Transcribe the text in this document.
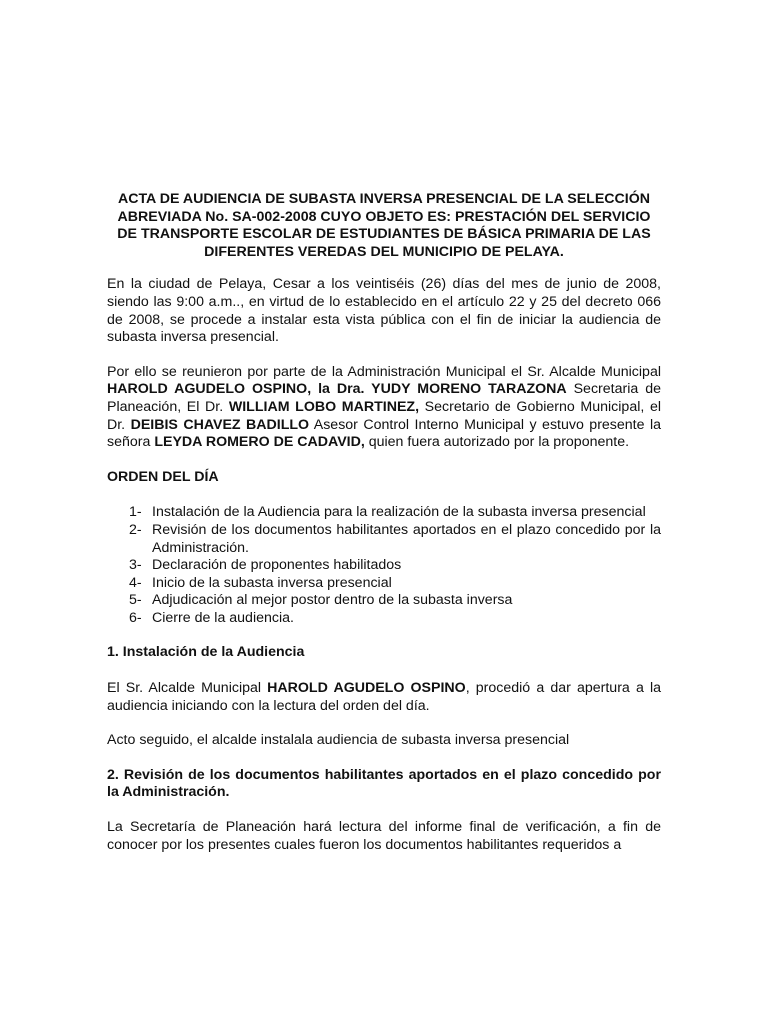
ACTA DE AUDIENCIA DE SUBASTA INVERSA PRESENCIAL DE LA SELECCIÓN ABREVIADA No. SA-002-2008 CUYO OBJETO ES: PRESTACIÓN DEL SERVICIO DE TRANSPORTE ESCOLAR DE ESTUDIANTES DE BÁSICA PRIMARIA DE LAS DIFERENTES VEREDAS DEL MUNICIPIO DE PELAYA.

En la ciudad de Pelaya, Cesar a los veintiséis (26) días del mes de junio de 2008, siendo las 9:00 a.m.., en virtud de lo establecido en el artículo 22 y 25 del decreto 066 de 2008, se procede a instalar esta vista pública con el fin de iniciar la audiencia de subasta inversa presencial.

Por ello se reunieron por parte de la Administración Municipal el Sr. Alcalde Municipal HAROLD AGUDELO OSPINO, la Dra. YUDY MORENO TARAZONA Secretaria de Planeación, El Dr. WILLIAM LOBO MARTINEZ, Secretario de Gobierno Municipal, el Dr. DEIBIS CHAVEZ BADILLO Asesor Control Interno Municipal y estuvo presente la señora LEYDA ROMERO DE CADAVID, quien fuera autorizado por la proponente.

ORDEN DEL DÍA
1- Instalación de la Audiencia para la realización de la subasta inversa presencial
2- Revisión de los documentos habilitantes aportados en el plazo concedido por la Administración.
3- Declaración de proponentes habilitados
4- Inicio de la subasta inversa presencial
5- Adjudicación al mejor postor dentro de la subasta inversa
6- Cierre de la audiencia.
1. Instalación de la Audiencia

El Sr. Alcalde Municipal HAROLD AGUDELO OSPINO, procedió a dar apertura a la audiencia iniciando con la lectura del orden del día.

Acto seguido, el alcalde instalala audiencia de subasta inversa presencial

2. Revisión de los documentos habilitantes aportados en el plazo concedido por la Administración.

La Secretaría de Planeación hará lectura del informe final de verificación, a fin de conocer por los presentes cuales fueron los documentos habilitantes requeridos a
